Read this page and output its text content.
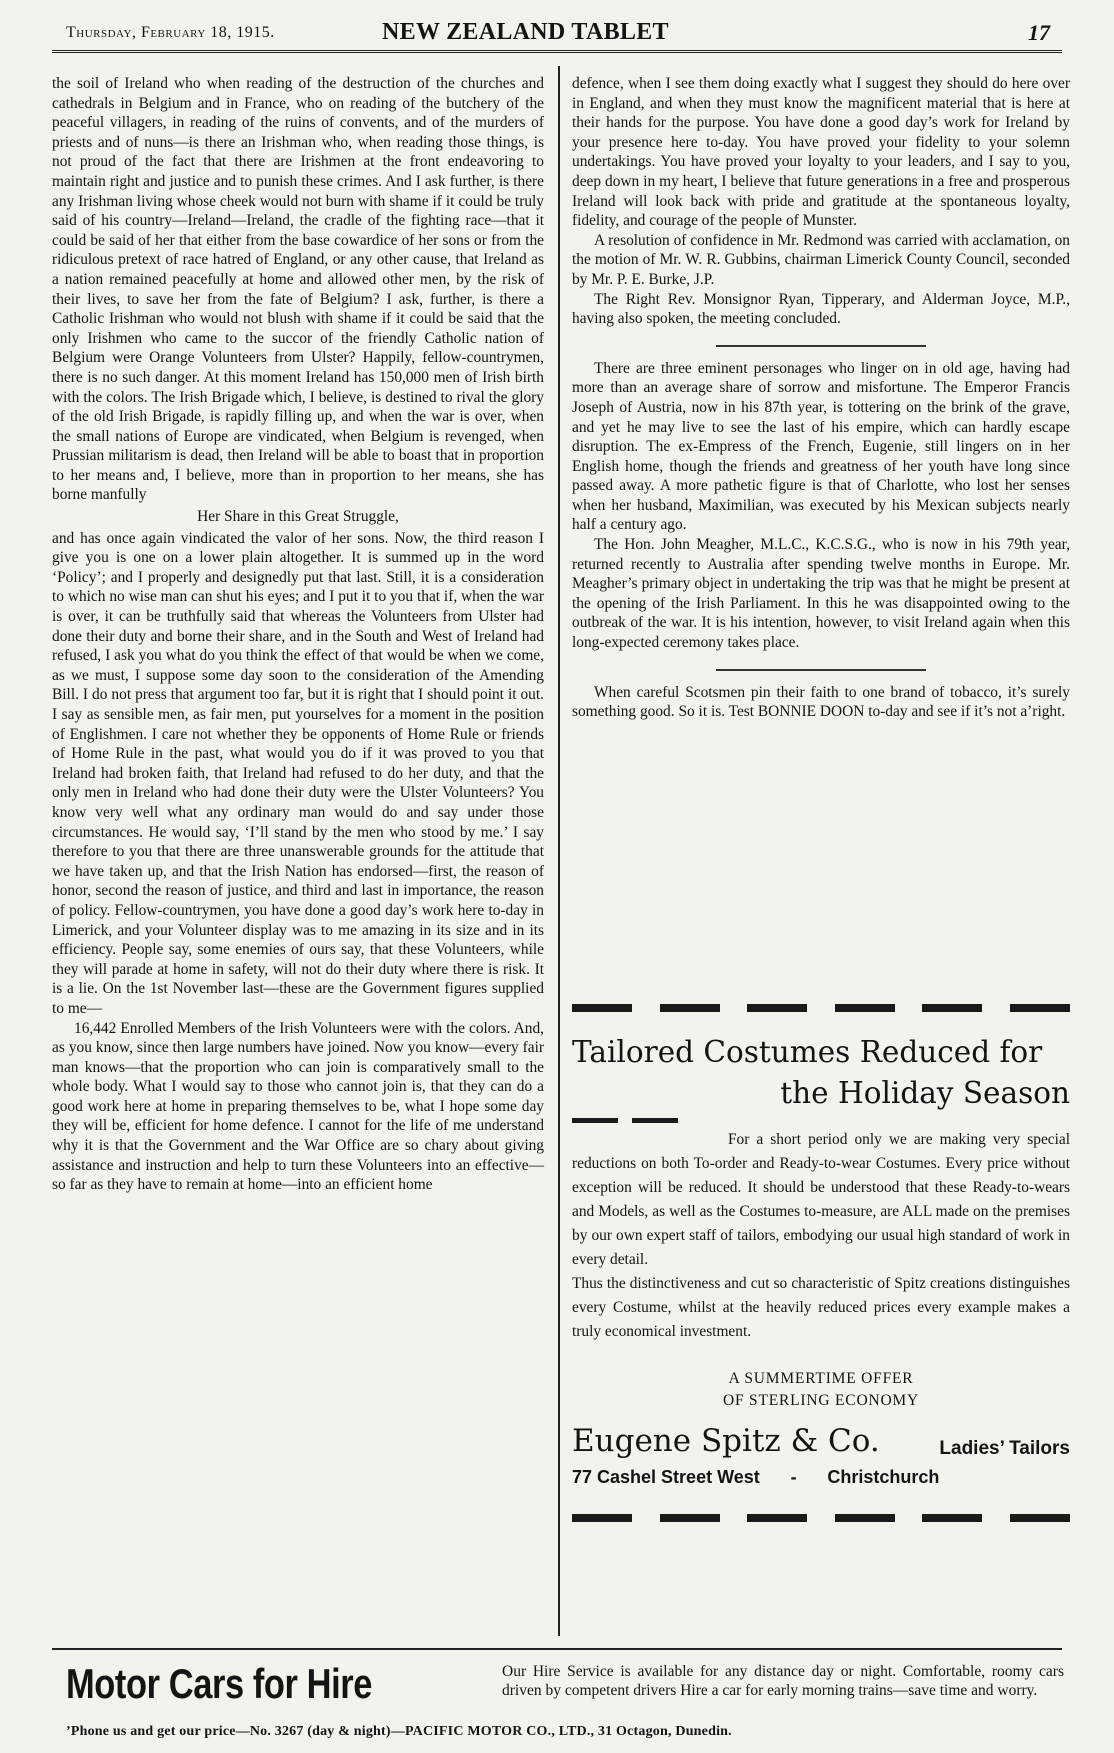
Thursday, February 18, 1915.	NEW ZEALAND TABLET	17

the soil of Ireland who when reading of the destruction of the churches and cathedrals in Belgium and in France, who on reading of the butchery of the peaceful villagers, in reading of the ruins of convents, and of the murders of priests and of nuns—is there an Irishman who, when reading those things, is not proud of the fact that there are Irishmen at the front endeavoring to maintain right and justice and to punish these crimes. And I ask further, is there any Irishman living whose cheek would not burn with shame if it could be truly said of his country—Ireland—Ireland, the cradle of the fighting race—that it could be said of her that either from the base cowardice of her sons or from the ridiculous pretext of race hatred of England, or any other cause, that Ireland as a nation remained peacefully at home and allowed other men, by the risk of their lives, to save her from the fate of Belgium? I ask, further, is there a Catholic Irishman who would not blush with shame if it could be said that the only Irishmen who came to the succor of the friendly Catholic nation of Belgium were Orange Volunteers from Ulster? Happily, fellow-countrymen, there is no such danger. At this moment Ireland has 150,000 men of Irish birth with the colors. The Irish Brigade which, I believe, is destined to rival the glory of the old Irish Brigade, is rapidly filling up, and when the war is over, when the small nations of Europe are vindicated, when Belgium is revenged, when Prussian militarism is dead, then Ireland will be able to boast that in proportion to her means and, I believe, more than in proportion to her means, she has borne manfully

Her Share in this Great Struggle,

and has once again vindicated the valor of her sons. Now, the third reason I give you is one on a lower plain altogether. It is summed up in the word ‘Policy’; and I properly and designedly put that last. Still, it is a consideration to which no wise man can shut his eyes; and I put it to you that if, when the war is over, it can be truthfully said that whereas the Volunteers from Ulster had done their duty and borne their share, and in the South and West of Ireland had refused, I ask you what do you think the effect of that would be when we come, as we must, I suppose some day soon to the consideration of the Amending Bill. I do not press that argument too far, but it is right that I should point it out. I say as sensible men, as fair men, put yourselves for a moment in the position of Englishmen. I care not whether they be opponents of Home Rule or friends of Home Rule in the past, what would you do if it was proved to you that Ireland had broken faith, that Ireland had refused to do her duty, and that the only men in Ireland who had done their duty were the Ulster Volunteers? You know very well what any ordinary man would do and say under those circumstances. He would say, ‘I’ll stand by the men who stood by me.’ I say therefore to you that there are three unanswerable grounds for the attitude that we have taken up, and that the Irish Nation has endorsed—first, the reason of honor, second the reason of justice, and third and last in importance, the reason of policy. Fellow-countrymen, you have done a good day’s work here to-day in Limerick, and your Volunteer display was to me amazing in its size and in its efficiency. People say, some enemies of ours say, that these Volunteers, while they will parade at home in safety, will not do their duty where there is risk. It is a lie. On the 1st November last—these are the Government figures supplied to me—

16,442 Enrolled Members of the Irish Volunteers were with the colors. And, as you know, since then large numbers have joined. Now you know—every fair man knows—that the proportion who can join is comparatively small to the whole body. What I would say to those who cannot join is, that they can do a good work here at home in preparing themselves to be, what I hope some day they will be, efficient for home defence. I cannot for the life of me understand why it is that the Government and the War Office are so chary about giving assistance and instruction and help to turn these Volunteers into an effective—so far as they have to remain at home—into an efficient home

defence, when I see them doing exactly what I suggest they should do here over in England, and when they must know the magnificent material that is here at their hands for the purpose. You have done a good day’s work for Ireland by your presence here to-day. You have proved your fidelity to your solemn undertakings. You have proved your loyalty to your leaders, and I say to you, deep down in my heart, I believe that future generations in a free and prosperous Ireland will look back with pride and gratitude at the spontaneous loyalty, fidelity, and courage of the people of Munster.

A resolution of confidence in Mr. Redmond was carried with acclamation, on the motion of Mr. W. R. Gubbins, chairman Limerick County Council, seconded by Mr. P. E. Burke, J.P.

The Right Rev. Monsignor Ryan, Tipperary, and Alderman Joyce, M.P., having also spoken, the meeting concluded.

There are three eminent personages who linger on in old age, having had more than an average share of sorrow and misfortune. The Emperor Francis Joseph of Austria, now in his 87th year, is tottering on the brink of the grave, and yet he may live to see the last of his empire, which can hardly escape disruption. The ex-Empress of the French, Eugenie, still lingers on in her English home, though the friends and greatness of her youth have long since passed away. A more pathetic figure is that of Charlotte, who lost her senses when her husband, Maximilian, was executed by his Mexican subjects nearly half a century ago.

The Hon. John Meagher, M.L.C., K.C.S.G., who is now in his 79th year, returned recently to Australia after spending twelve months in Europe. Mr. Meagher’s primary object in undertaking the trip was that he might be present at the opening of the Irish Parliament. In this he was disappointed owing to the outbreak of the war. It is his intention, however, to visit Ireland again when this long-expected ceremony takes place.

When careful Scotsmen pin their faith to one brand of tobacco, it’s surely something good. So it is. Test BONNIE DOON to-day and see if it’s not a’right.

Tailored Costumes Reduced for
the Holiday Season

For a short period only we are making very special reductions on both To-order and Ready-to-wear Costumes. Every price without exception will be reduced. It should be understood that these Ready-to-wears and Models, as well as the Costumes to-measure, are ALL made on the premises by our own expert staff of tailors, embodying our usual high standard of work in every detail.

Thus the distinctiveness and cut so characteristic of Spitz creations distinguishes every Costume, whilst at the heavily reduced prices every example makes a truly economical investment.

A SUMMERTIME OFFER
OF STERLING ECONOMY
Eugene Spitz & Co.	Ladies’ Tailors
77 Cashel Street West - Christchurch
Motor Cars for Hire	Our Hire Service is available for any distance day or night. Comfortable, roomy cars driven by competent drivers Hire a car for early morning trains—save time and worry.
’Phone us and get our price—No. 3267 (day & night)—PACIFIC MOTOR CO., LTD., 31 Octagon, Dunedin.
